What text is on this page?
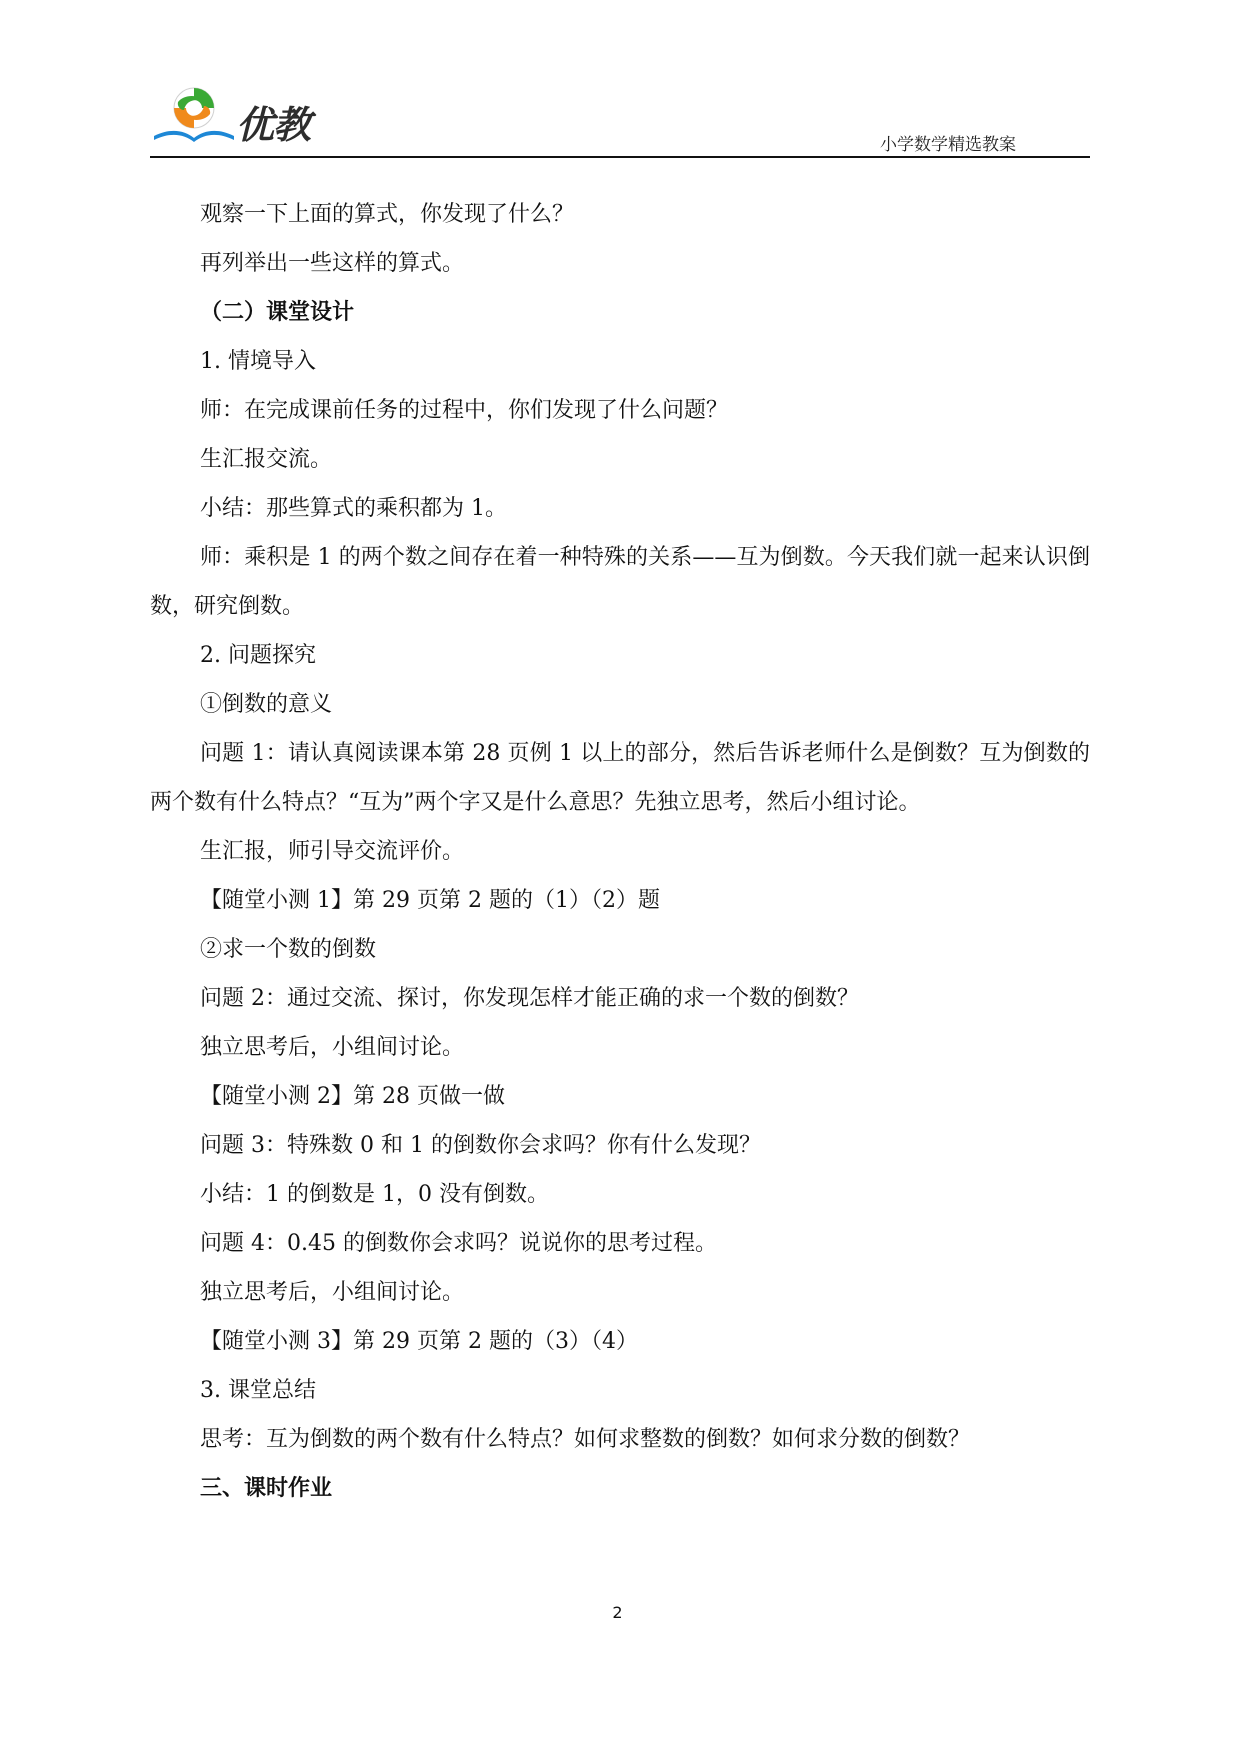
优教	小学数学精选教案

观察一下上面的算式，你发现了什么？

再列举出一些这样的算式。

（二）课堂设计

1. 情境导入

师：在完成课前任务的过程中，你们发现了什么问题？

生汇报交流。

小结：那些算式的乘积都为 1。

师：乘积是 1 的两个数之间存在着一种特殊的关系——互为倒数。今天我们就一起来认识倒数，研究倒数。

2. 问题探究

①倒数的意义

问题 1：请认真阅读课本第 28 页例 1 以上的部分，然后告诉老师什么是倒数？互为倒数的两个数有什么特点？“互为”两个字又是什么意思？先独立思考，然后小组讨论。

生汇报，师引导交流评价。

【随堂小测 1】第 29 页第 2 题的（1）（2）题

②求一个数的倒数

问题 2：通过交流、探讨，你发现怎样才能正确的求一个数的倒数？

独立思考后，小组间讨论。

【随堂小测 2】第 28 页做一做

问题 3：特殊数 0 和 1 的倒数你会求吗？你有什么发现？

小结：1 的倒数是 1，0 没有倒数。

问题 4：0.45 的倒数你会求吗？说说你的思考过程。

独立思考后，小组间讨论。

【随堂小测 3】第 29 页第 2 题的（3）（4）

3. 课堂总结

思考：互为倒数的两个数有什么特点？如何求整数的倒数？如何求分数的倒数？

三、课时作业

2
